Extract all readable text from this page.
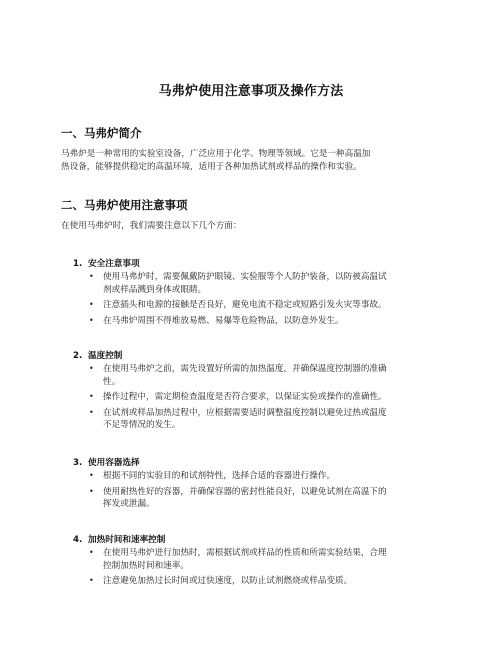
马弗炉使用注意事项及操作方法
一、马弗炉简介
马弗炉是一种常用的实验室设备，广泛应用于化学、物理等领域。它是一种高温加
热设备，能够提供稳定的高温环境，适用于各种加热试剂或样品的操作和实验。
二、马弗炉使用注意事项
在使用马弗炉时，我们需要注意以下几个方面：
1. 安全注意事项
• 使用马弗炉时，需要佩戴防护眼镜、实验服等个人防护装备，以防被高温试
剂或样品溅到身体或眼睛。
• 注意插头和电源的接触是否良好，避免电流不稳定或短路引发火灾等事故。
• 在马弗炉周围不得堆放易燃、易爆等危险物品，以防意外发生。
2. 温度控制
• 在使用马弗炉之前，需先设置好所需的加热温度，并确保温度控制器的准确
性。
• 操作过程中，需定期检查温度是否符合要求，以保证实验或操作的准确性。
• 在试剂或样品加热过程中，应根据需要适时调整温度控制以避免过热或温度
不足等情况的发生。
3. 使用容器选择
• 根据不同的实验目的和试剂特性，选择合适的容器进行操作。
• 使用耐热性好的容器，并确保容器的密封性能良好，以避免试剂在高温下的
挥发或泄漏。
4. 加热时间和速率控制
• 在使用马弗炉进行加热时，需根据试剂或样品的性质和所需实验结果，合理
控制加热时间和速率。
• 注意避免加热过长时间或过快速度，以防止试剂燃烧或样品变质。
